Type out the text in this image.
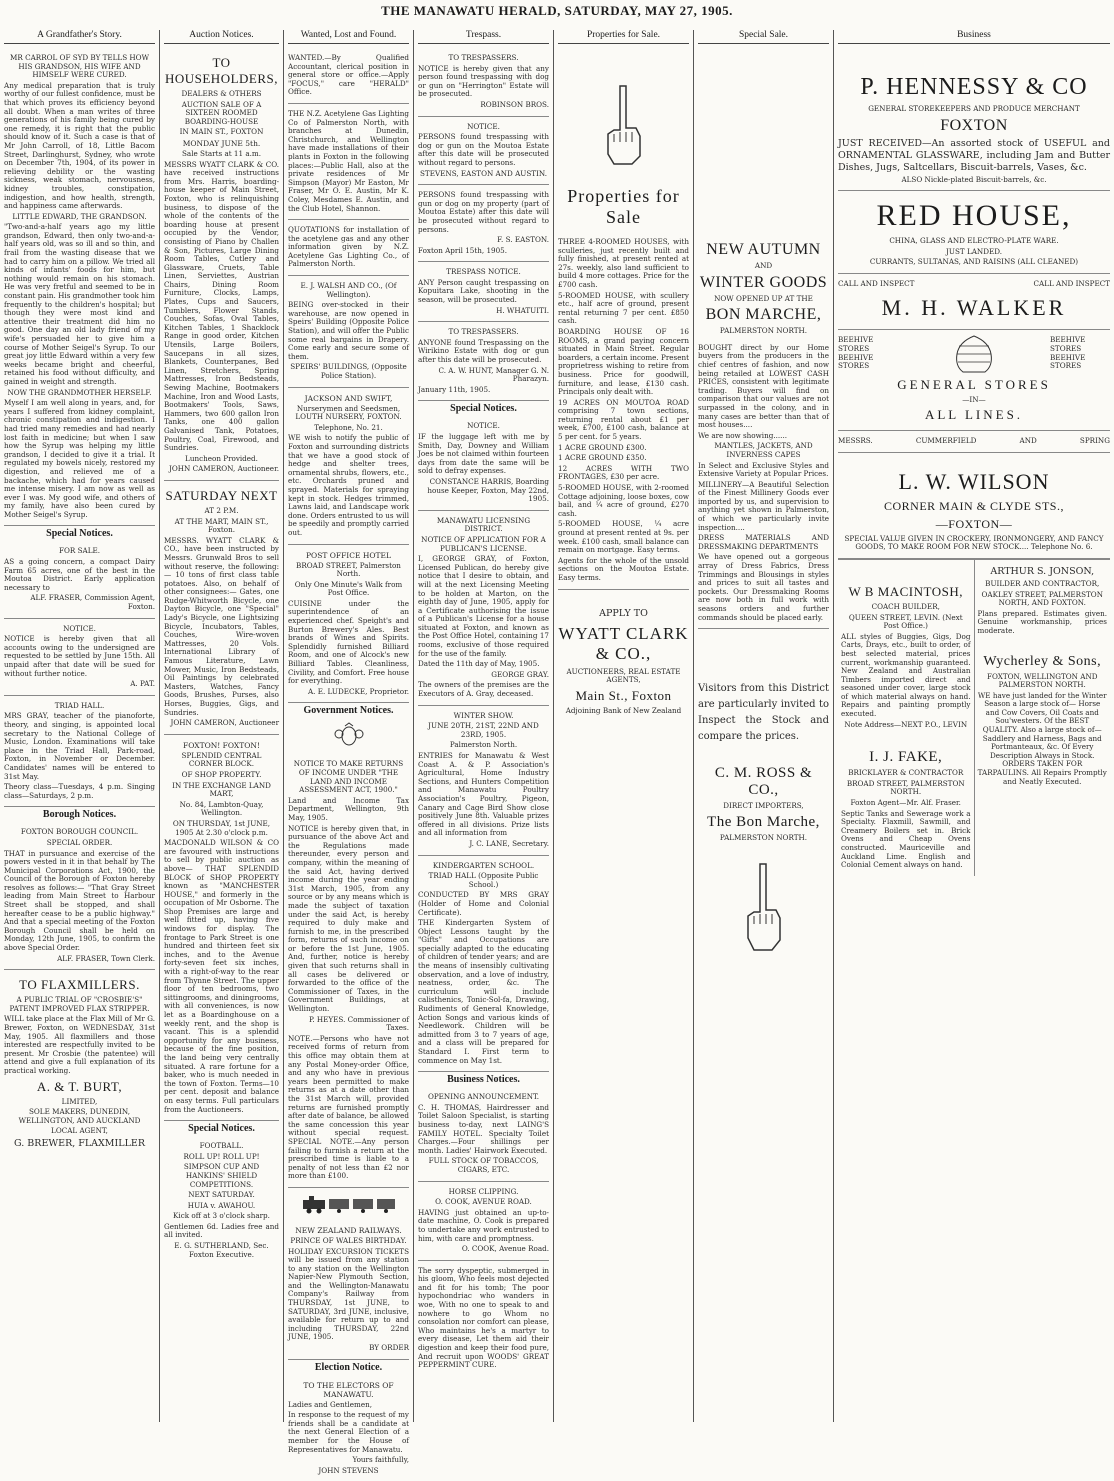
THE MANAWATU HERALD, SATURDAY, MAY 27, 1905.
A Grandfather's Story.
MR CARROL OF SYD BY TELLS HOW HIS GRANDSON, HIS WIFE AND HIMSELF WERE CURED.
Any medical preparation that is truly worthy of our fullest confidence, must be that which proves its efficiency beyond all doubt. When a man writes of three generations of his family being cured by one remedy, it is right that the public should know of it. Such a case is that of Mr John Carroll, of 18, Little Bacom Street, Darlinghurst, Sydney, who wrote on December 7th, 1904, of its power in relieving debility or the wasting sickness, weak stomach, nervousness, kidney troubles, constipation, indigestion, and how health, strength, and happiness came afterwards.
LITTLE EDWARD, THE GRANDSON.
"Two-and-a-half years ago my little grandson, Edward, then only two-and-a-half years old, was so ill and so thin, and frail from the wasting disease that we had to carry him on a pillow. We tried all kinds of infants' foods for him, but nothing would remain on his stomach. He was very fretful and seemed to be in constant pain. His grandmother took him frequently to the children's hospital; but though they were most kind and attentive their treatment did him no good. One day an old lady friend of my wife's persuaded her to give him a course of Mother Seigel's Syrup. To our great joy little Edward within a very few weeks became bright and cheerful, retained his food without difficulty, and gained in weight and strength.
NOW THE GRANDMOTHER HERSELF.
Myself I am well along in years, and, for years I suffered from kidney complaint, chronic constipation and indigestion. I had tried many remedies and had nearly lost faith in medicine; but when I saw how the Syrup was helping my little grandson, I decided to give it a trial. It regulated my bowels nicely, restored my digestion, and relieved me of a backache, which had for years caused me intense misery. I am now as well as ever I was. My good wife, and others of my family, have also been cured by Mother Seigel's Syrup.
Special Notices.
FOR SALE.
AS a going concern, a compact Dairy Farm 65 acres, one of the best in the Moutoa District. Early application necessary to
ALF. FRASER, Commission Agent, Foxton.
NOTICE.
NOTICE is hereby given that all accounts owing to the undersigned are requested to be settled by June 15th. All unpaid after that date will be sued for without further notice.
A. PAT.
TRIAD HALL.
MRS GRAY, teacher of the pianoforte, theory, and singing, is appointed local secretary to the National College of Music, London. Examinations will take place in the Triad Hall, Park-road, Foxton, in November or December. Candidates' names will be entered to 31st May.
Theory class—Tuesdays, 4 p.m. Singing class—Saturdays, 2 p.m.
Borough Notices.
FOXTON BOROUGH COUNCIL.
SPECIAL ORDER.
THAT in pursuance and exercise of the powers vested in it in that behalf by The Municipal Corporations Act, 1900, the Council of the Borough of Foxton hereby resolves as follows:— "That Gray Street leading from Main Street to Harbour Street shall be stopped, and shall hereafter cease to be a public highway." And that a special meeting of the Foxton Borough Council shall be held on Monday, 12th June, 1905, to confirm the above Special Order.
ALF. FRASER, Town Clerk.
TO FLAXMILLERS.
A PUBLIC TRIAL OF "CROSBIE'S" PATENT IMPROVED FLAX STRIPPER.
WILL take place at the Flax Mill of Mr G. Brewer, Foxton, on WEDNESDAY, 31st May, 1905. All flaxmillers and those interested are respectfully invited to be present. Mr Crosbie (the patentee) will attend and give a full explanation of its practical working.
A. & T. BURT,
LIMITED,
SOLE MAKERS, DUNEDIN, WELLINGTON, AND AUCKLAND
LOCAL AGENT,
G. BREWER, FLAXMILLER
Auction Notices.
TO HOUSEHOLDERS,
DEALERS & OTHERS
AUCTION SALE OF A SIXTEEN ROOMED BOARDING-HOUSE
IN MAIN ST., FOXTON
MONDAY JUNE 5th.
Sale Starts at 11 a.m.
MESSRS WYATT CLARK & CO. have received instructions from Mrs. Harris, boarding-house keeper of Main Street, Foxton, who is relinquishing business, to dispose of the whole of the contents of the boarding house at present occupied by the Vendor, consisting of Piano by Challen & Son, Pictures, Large Dining Room Tables, Cutlery and Glassware, Cruets, Table Linen, Serviettes, Austrian Chairs, Dining Room Furniture, Clocks, Lamps, Plates, Cups and Saucers, Tumblers, Flower Stands, Couches, Sofas, Oval Tables, Kitchen Tables, 1 Shacklock Range in good order, Kitchen Utensils, Large Boilers, Saucepans in all sizes, Blankets, Counterpanes, Bed Linen, Stretchers, Spring Mattresses, Iron Bedsteads, Sewing Machine, Bootmakers Machine, Iron and Wood Lasts, Bootmakers' Tools, Saws, Hammers, two 600 gallon Iron Tanks, one 400 gallon Galvanised Tank, Potatoes, Poultry, Coal, Firewood, and Sundries.
Luncheon Provided.
JOHN CAMERON, Auctioneer.
SATURDAY NEXT
AT 2 P.M.
AT THE MART, MAIN ST., Foxton.
MESSRS. WYATT CLARK & CO., have been instructed by Messrs. Grunwald Bros to sell without reserve, the following:— 10 tons of first class table potatoes. Also, on behalf of other consignees:— Gates, one Rudge-Whitworth Bicycle, one Dayton Bicycle, one "Special" Lady's Bicycle, one Lightsizing Bicycle, Incubators, Tables, Couches, Wire-woven Mattresses, 20 Vols. International Library of Famous Literature, Lawn Mower, Music, Iron Bedsteads, Oil Paintings by celebrated Masters, Watches, Fancy Goods, Brushes, Purses, also Horses, Buggies, Gigs, and Sundries.
JOHN CAMERON, Auctioneer
FOXTON! FOXTON!
SPLENDID CENTRAL CORNER BLOCK.
OF SHOP PROPERTY.
IN THE EXCHANGE LAND MART,
No. 84, Lambton-Quay, Wellington.
ON THURSDAY, 1st JUNE, 1905 At 2.30 o'clock p.m.
MACDONALD WILSON & CO are favoured with instructions to sell by public auction as above— THAT SPLENDID BLOCK of SHOP PROPERTY known as "MANCHESTER HOUSE," and formerly in the occupation of Mr Osborne. The Shop Premises are large and well fitted up, having five windows for display. The frontage to Park Street is one hundred and thirteen feet six inches, and to the Avenue forty-seven feet six inches, with a right-of-way to the rear from Thynne Street. The upper floor of ten bedrooms, two sittingrooms, and diningrooms, with all conveniences, is now let as a Boardinghouse on a weekly rent, and the shop is vacant. This is a splendid opportunity for any business, because of the fine position, the land being very centrally situated. A rare fortune for a baker, who is much needed in the town of Foxton. Terms—10 per cent. deposit and balance on easy terms. Full particulars from the Auctioneers.
Special Notices.
FOOTBALL.
ROLL UP! ROLL UP!
SIMPSON CUP AND HANKINS' SHIELD COMPETITIONS.
NEXT SATURDAY.
HUIA v. AWAHOU.
Kick off at 3 o'clock sharp.
Gentlemen 6d. Ladies free and all invited.
E. G. SUTHERLAND, Sec. Foxton Executive.
Wanted, Lost and Found.
WANTED.—By Qualified Accountant, clerical position in general store or office.—Apply "FOCUS," care "HERALD" Office.
THE N.Z. Acetylene Gas Lighting Co of Palmerston North, with branches at Dunedin, Christchurch, and Wellington have made installations of their plants in Foxton in the following places:—Public Hall, also at the private residences of Mr Simpson (Mayor) Mr Easton, Mr Fraser, Mr O. E. Austin, Mr K. Coley, Mesdames E. Austin, and the Club Hotel, Shannon.
QUOTATIONS for installation of the acetylene gas and any other information given by N.Z. Acetylene Gas Lighting Co., of Palmerston North.
E. J. WALSH AND CO., (Of Wellington).
BEING over-stocked in their warehouse, are now opened in Speirs' Building (Opposite Police Station), and will offer the Public some real bargains in Drapery. Come early and secure some of them.
SPEIRS' BUILDINGS, (Opposite Police Station).
JACKSON AND SWIFT,
Nurserymen and Seedsmen, LOUTH NURSERY, FOXTON.
Telephone, No. 21.
WE wish to notify the public of Foxton and surrounding districts that we have a good stock of hedge and shelter trees, ornamental shrubs, flowers, etc., etc. Orchards pruned and sprayed. Materials for spraying kept in stock. Hedges trimmed, Lawns laid, and Landscape work done. Orders entrusted to us will be speedily and promptly carried out.
POST OFFICE HOTEL
BROAD STREET, Palmerston North.
Only One Minute's Walk from Post Office.
CUISINE under the superintendence of an experienced chef. Speight's and Burton Brewery's Ales. Best brands of Wines and Spirits. Splendidly furnished Billiard Room, and one of Alcock's new Billiard Tables. Cleanliness, Civility, and Comfort. Free house for everything.
A. E. LUDECKE, Proprietor.
Government Notices.
NOTICE TO MAKE RETURNS OF INCOME UNDER "THE LAND AND INCOME ASSESSMENT ACT, 1900."
Land and Income Tax Department, Wellington, 9th May, 1905.
NOTICE is hereby given that, in pursuance of the above Act and the Regulations made thereunder, every person and company, within the meaning of the said Act, having derived income during the year ending 31st March, 1905, from any source or by any means which is made the subject of taxation under the said Act, is hereby required to duly make and furnish to me, in the prescribed form, returns of such income on or before the 1st June, 1905. And, further, notice is hereby given that such returns shall in all cases be delivered or forwarded to the office of the Commissioner of Taxes, in the Government Buildings, at Wellington.
P. HEYES. Commissioner of Taxes.
NOTE.—Persons who have not received forms of return from this office may obtain them at any Postal Money-order Office, and any who have in previous years been permitted to make returns as at a date other than the 31st March will, provided returns are furnished promptly after date of balance, be allowed the same concession this year without special request. SPECIAL NOTE.—Any person failing to furnish a return at the prescribed time is liable to a penalty of not less than £2 nor more than £100.
NEW ZEALAND RAILWAYS.
PRINCE OF WALES BIRTHDAY.
HOLIDAY EXCURSION TICKETS will be issued from any station to any station on the Wellington Napier-New Plymouth Section, and the Wellington-Manawatu Company's Railway from THURSDAY, 1st JUNE, to SATURDAY, 3rd JUNE, inclusive, available for return up to and including THURSDAY, 22nd JUNE, 1905.
BY ORDER
Election Notice.
TO THE ELECTORS OF MANAWATU.
Ladies and Gentlemen,
In response to the request of my friends shall be a candidate at the next General Election of a member for the House of Representatives for Manawatu.
Yours faithfully,
JOHN STEVENS
Trespass.
TO TRESPASSERS.
NOTICE is hereby given that any person found trespassing with dog or gun on "Herrington" Estate will be prosecuted.
ROBINSON BROS.
NOTICE.
PERSONS found trespassing with dog or gun on the Moutoa Estate after this date will be prosecuted without regard to persons.
STEVENS, EASTON AND AUSTIN.
PERSONS found trespassing with gun or dog on my property (part of Moutoa Estate) after this date will be prosecuted without regard to persons.
F. S. EASTON.
Foxton April 15th, 1905.
TRESPASS NOTICE.
ANY Person caught trespassing on Kopuitara Lake, shooting in the season, will be prosecuted.
H. WHATUITI.
TO TRESPASSERS.
ANYONE found Trespassing on the Wirikino Estate with dog or gun after this date will be prosecuted.
C. A. W. HUNT, Manager G. N. Pharazyn.
January 11th, 1905.
Special Notices.
NOTICE.
IF the luggage left with me by Smith, Day, Downey and William Joes be not claimed within fourteen days from date the same will be sold to defray expenses.
CONSTANCE HARRIS, Boarding house Keeper, Foxton, May 22nd, 1905.
MANAWATU LICENSING DISTRICT.
NOTICE OF APPLICATION FOR A PUBLICAN'S LICENSE.
I, GEORGE GRAY, of Foxton, Licensed Publican, do hereby give notice that I desire to obtain, and will at the next Licensing Meeting to be holden at Marton, on the eighth day of June, 1905, apply for a Certificate authorising the issue of a Publican's License for a house situated at Foxton, and known as the Post Office Hotel, containing 17 rooms, exclusive of those required for the use of the family.
Dated the 11th day of May, 1905.
GEORGE GRAY.
The owners of the premises are the Executors of A. Gray, deceased.
WINTER SHOW.
JUNE 20TH, 21ST, 22ND AND 23RD, 1905.
Palmerston North.
ENTRIES for Manawatu & West Coast A. & P. Association's Agricultural, Home Industry Sections, and Hunters Competition and Manawatu Poultry Association's Poultry, Pigeon, Canary and Cage Bird Show close positively June 8th. Valuable prizes offered in all divisions. Prize lists and all information from
J. C. LANE, Secretary.
KINDERGARTEN SCHOOL.
TRIAD HALL (Opposite Public School.)
CONDUCTED BY MRS GRAY (Holder of Home and Colonial Certificate).
THE Kindergarten System of Object Lessons taught by the "Gifts" and Occupations are specially adapted to the educating of children of tender years; and are the means of insensibly cultivating observation, and a love of industry, neatness, order, &c. The curriculum will include calisthenics, Tonic-Sol-fa, Drawing, Rudiments of General Knowledge, Action Songs and various kinds of Needlework. Children will be admitted from 3 to 7 years of age, and a class will be prepared for Standard I. First term to commence on May 1st.
Business Notices.
OPENING ANNOUNCEMENT.
C. H. THOMAS, Hairdresser and Toilet Saloon Specialist, is starting business to-day, next LAING'S FAMILY HOTEL. Specialty Toilet Charges.—Four shillings per month. Ladies' Hairwork Executed.
FULL STOCK OF TOBACCOS, CIGARS, ETC.
HORSE CLIPPING.
O. COOK, AVENUE ROAD.
HAVING just obtained an up-to-date machine, O. Cook is prepared to undertake any work entrusted to him, with care and promptness.
O. COOK, Avenue Road.
The sorry dyspeptic, submerged in his gloom, Who feels most dejected and fit for his tomb; The poor hypochondriac who wanders in woe, With no one to speak to and nowhere to go Whom no consolation nor comfort can please, Who maintains he's a martyr to every disease, Let them aid their digestion and keep their food pure, And recruit upon WOODS' GREAT PEPPERMINT CURE.
Properties for Sale.
Properties for Sale
THREE 4-ROOMED HOUSES, with sculleries, just recently built and fully finished, at present rented at 27s. weekly, also land sufficient to build 4 more cottages. Price for the £700 cash.
5-ROOMED HOUSE, with scullery etc., half acre of ground, present rental returning 7 per cent. £850 cash.
BOARDING HOUSE OF 16 ROOMS, a grand paying concern situated in Main Street. Regular boarders, a certain income. Present proprietress wishing to retire from business. Price for goodwill, furniture, and lease, £130 cash. Principals only dealt with.
19 ACRES ON MOUTOA ROAD comprising 7 town sections, returning rental about £1 per week, £700, £100 cash, balance at 5 per cent. for 5 years.
1 ACRE GROUND £300.
1 ACRE GROUND £350.
12 ACRES WITH TWO FRONTAGES, £30 per acre.
5-ROOMED HOUSE, with 2-roomed Cottage adjoining, loose boxes, cow bail, and ¼ acre of ground, £270 cash.
5-ROOMED HOUSE, ¼ acre ground at present rented at 9s. per week. £100 cash, small balance can remain on mortgage. Easy terms.
Agents for the whole of the unsold sections on the Moutoa Estate. Easy terms.
APPLY TO
WYATT CLARK & CO.,
AUCTIONEERS, REAL ESTATE AGENTS,
Main St., Foxton
Adjoining Bank of New Zealand
Special Sale.
NEW AUTUMN
AND
WINTER GOODS
NOW OPENED UP AT THE
BON MARCHE,
PALMERSTON NORTH.
BOUGHT direct by our Home buyers from the producers in the chief centres of fashion, and now being retailed at LOWEST CASH PRICES, consistent with legitimate trading. Buyers will find on comparison that our values are not surpassed in the colony, and in many cases are better than that of most houses....
We are now showing......
MANTLES, JACKETS, AND INVERNESS CAPES
In Select and Exclusive Styles and Extensive Variety at Popular Prices.
MILLINERY—A Beautiful Selection of the Finest Millinery Goods ever imported by us, and supervision to anything yet shown in Palmerston, of which we particularly invite inspection....
DRESS MATERIALS AND DRESSMAKING DEPARTMENTS
We have opened out a gorgeous array of Dress Fabrics, Dress Trimmings and Blousings in styles and prices to suit all tastes and pockets. Our Dressmaking Rooms are now both in full work with seasons orders and further commands should be placed early.
Visitors from this District are particularly invited to Inspect the Stock and compare the prices.
C. M. ROSS & CO.,
DIRECT IMPORTERS,
The Bon Marche,
PALMERSTON NORTH.
Business
P. HENNESSY & CO
GENERAL STOREKEEPERS AND PRODUCE MERCHANT
FOXTON
JUST RECEIVED—An assorted stock of USEFUL and ORNAMENTAL GLASSWARE, including Jam and Butter Dishes, Jugs, Saltcellars, Biscuit-barrels, Vases, &c.
ALSO Nickle-plated Biscuit-barrels, &c.
RED HOUSE,
CHINA, GLASS AND ELECTRO-PLATE WARE.
JUST LANDED.
CURRANTS, SULTANAS, AND RAISINS (ALL CLEANED)
CALL AND INSPECT	CALL AND INSPECT
M. H. WALKER
BEEHIVE STORES BEEHIVE STORES
BEEHIVE STORES BEEHIVE STORES
GENERAL STORES
—IN—
ALL LINES.
MESSRS.	CUMMERFIELD	AND	SPRING
L. W. WILSON
CORNER MAIN & CLYDE STS.,
—FOXTON—
SPECIAL VALUE GIVEN IN CROCKERY, IRONMONGERY, AND FANCY GOODS, TO MAKE ROOM FOR NEW STOCK.... Telephone No. 6.
W B MACINTOSH,
COACH BUILDER,
QUEEN STREET, LEVIN. (Next Post Office.)
ALL styles of Buggies, Gigs, Dog Carts, Drays, etc., built to order, of best selected material, prices current, workmanship guaranteed. New Zealand and Australian Timbers imported direct and seasoned under cover, large stock of which material always on hand. Repairs and painting promptly executed.
Note Address—NEXT P.O., LEVIN
I. J. FAKE,
BRICKLAYER & CONTRACTOR
BROAD STREET, PALMERSTON NORTH.
Foxton Agent—Mr. Alf. Fraser.
Septic Tanks and Sewerage work a Specialty. Flaxmill, Sawmill, and Creamery Boilers set in. Brick Ovens and Cheap Ovens constructed. Mauriceville and Auckland Lime. English and Colonial Cement always on hand.
ARTHUR S. JONSON,
BUILDER AND CONTRACTOR,
OAKLEY STREET, PALMERSTON NORTH, AND FOXTON.
Plans prepared. Estimates given. Genuine workmanship, prices moderate.
Wycherley & Sons,
FOXTON, WELLINGTON AND PALMERSTON NORTH.
WE have just landed for the Winter Season a large stock of— Horse and Cow Covers, Oil Coats and Sou'westers. Of the BEST QUALITY. Also a large stock of— Saddlery and Harness, Bags and Portmanteaux, &c. Of Every Description Always in Stock. ORDERS TAKEN FOR TARPAULINS. All Repairs Promptly and Neatly Executed.
